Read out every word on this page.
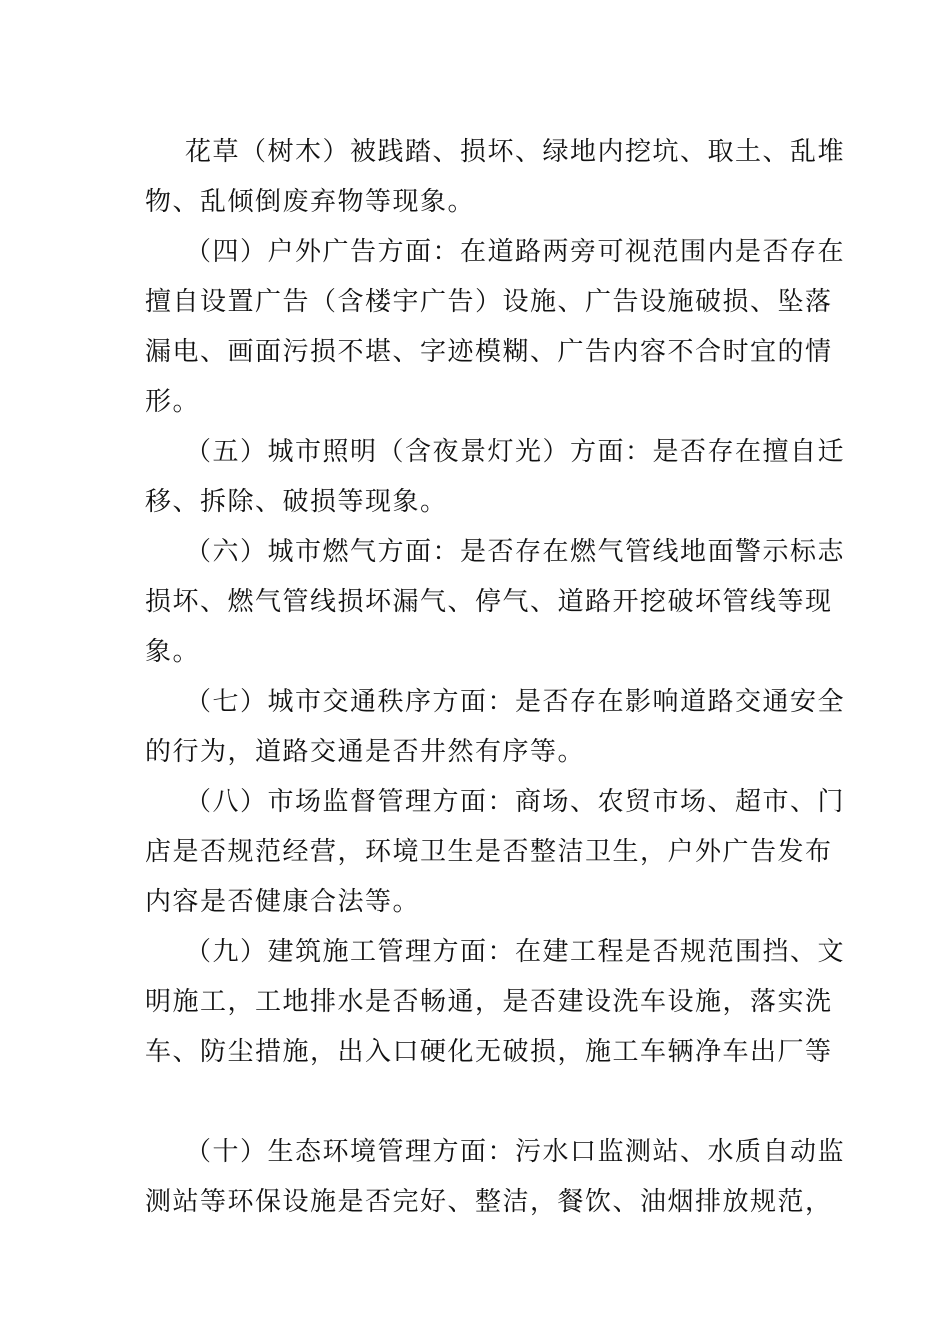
花草（树木）被践踏、损坏、绿地内挖坑、取土、乱堆
物、乱倾倒废弃物等现象。
（四）户外广告方面：在道路两旁可视范围内是否存在
擅自设置广告（含楼宇广告）设施、广告设施破损、坠落
漏电、画面污损不堪、字迹模糊、广告内容不合时宜的情
形。
（五）城市照明（含夜景灯光）方面：是否存在擅自迁
移、拆除、破损等现象。
（六）城市燃气方面：是否存在燃气管线地面警示标志
损坏、燃气管线损坏漏气、停气、道路开挖破坏管线等现
象。
（七）城市交通秩序方面：是否存在影响道路交通安全
的行为，道路交通是否井然有序等。
（八）市场监督管理方面：商场、农贸市场、超市、门
店是否规范经营，环境卫生是否整洁卫生，户外广告发布
内容是否健康合法等。
（九）建筑施工管理方面：在建工程是否规范围挡、文
明施工，工地排水是否畅通，是否建设洗车设施，落实洗
车、防尘措施，出入口硬化无破损，施工车辆净车出厂等
（十）生态环境管理方面：污水口监测站、水质自动监
测站等环保设施是否完好、整洁，餐饮、油烟排放规范，
